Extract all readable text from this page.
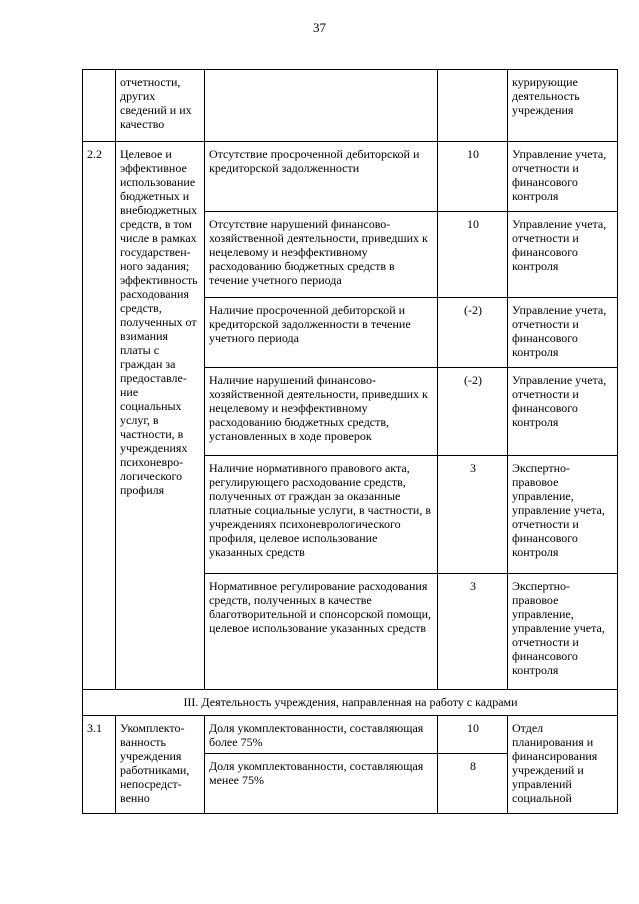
37
	отчетности, других сведений и их качество			курирующие деятельность учреждения
2.2	Целевое и эффективное использование бюджетных и внебюджетных средств, в том числе в рамках государствен-ного задания; эффективность расходования средств, полученных от взимания платы с граждан за предоставле-ние социальных услуг, в частности, в учреждениях психоневро-логического профиля	Отсутствие просроченной дебиторской и кредиторской задолженности	10	Управление учета, отчетности и финансового контроля
		Отсутствие нарушений финансово-хозяйственной деятельности, приведших к нецелевому и неэффективному расходованию бюджетных средств в течение учетного периода	10	Управление учета, отчетности и финансового контроля
		Наличие просроченной дебиторской и кредиторской задолженности в течение учетного периода	(-2)	Управление учета, отчетности и финансового контроля
		Наличие нарушений финансово-хозяйственной деятельности, приведших к нецелевому и неэффективному расходованию бюджетных средств, установленных в ходе проверок	(-2)	Управление учета, отчетности и финансового контроля
		Наличие нормативного правового акта, регулирующего расходование средств, полученных от граждан за оказанные платные социальные услуги, в частности, в учреждениях психоневрологического профиля, целевое использование указанных средств	3	Экспертно-правовое управление, управление учета, отчетности и финансового контроля
		Нормативное регулирование расходования средств, полученных в качестве благотворительной и спонсорской помощи, целевое использование указанных средств	3	Экспертно-правовое управление, управление учета, отчетности и финансового контроля
III. Деятельность учреждения, направленная на работу с кадрами				
3.1	Укомплекто-ванность учреждения работниками, непосредст-венно	Доля укомплектованности, составляющая более 75%	10	Отдел планирования и финансирования учреждений и управлений социальной
		Доля укомплектованности, составляющая менее 75%	8	
